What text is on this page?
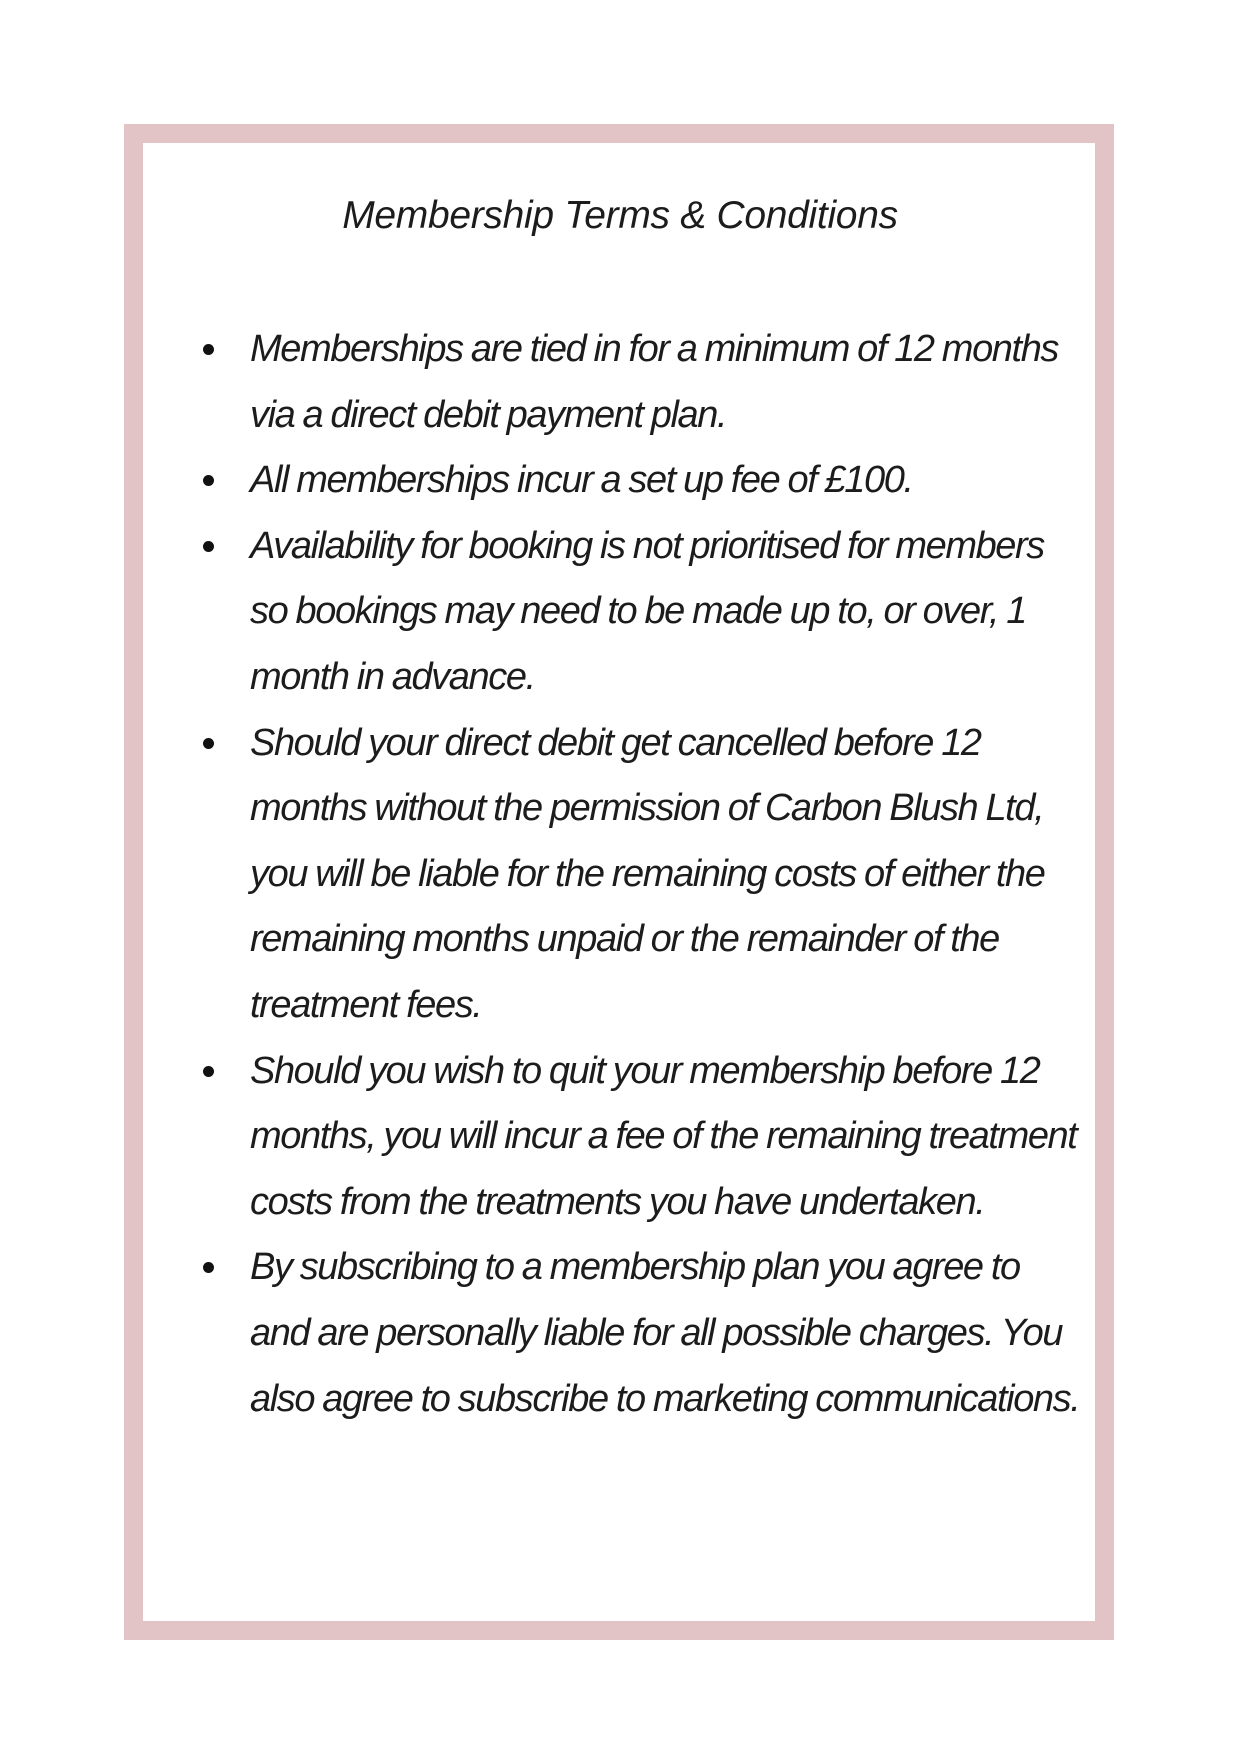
Membership Terms & Conditions
Memberships are tied in for a minimum of 12 months via a direct debit payment plan.
All memberships incur a set up fee of £100.
Availability for booking is not prioritised for members so bookings may need to be made up to, or over, 1 month in advance.
Should your direct debit get cancelled before 12 months without the permission of Carbon Blush Ltd, you will be liable for the remaining costs of either the remaining months unpaid or the remainder of the treatment fees.
Should you wish to quit your membership before 12 months, you will incur a fee of the remaining treatment costs from the treatments you have undertaken.
By subscribing to a membership plan you agree to and are personally liable for all possible charges. You also agree to subscribe to marketing communications.
